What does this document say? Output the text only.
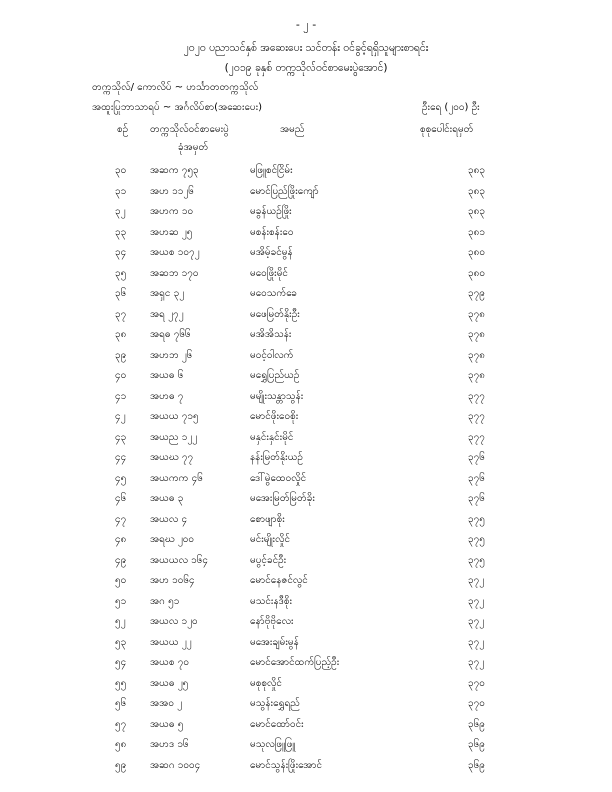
- ၂ -
၂၀၂၀ ပညာသင်နှစ် အဆေးပေး သင်တန်း ဝင်ခွင့်ရရှိသူများစာရင်း
(၂၀၁၉ ခုနှစ် တက္ကသိုလ်ဝင်စာမေးပွဲအောင်)
တက္ကသိုလ်/ ကောလိပ် ~ ဟင်္သာတတက္ကသိုလ်
အထူးပြုဘာသာရပ် ~ အင်္ဂလိပ်စာ(အဆေးပေး)	ဦးရေ (၂၀၀) ဦး
စဉ် တက္ကသိုလ်ဝင်စာမေးပွဲ
ခုံအမှတ်
အမည်	စုစုပေါင်းရမှတ်
၃၀ အဆက ၇၅၃	မဖြူစင်ငြိမ်း	၃၈၃
၃၁ အဟ ၁၁၂၆	မောင်ပြည်ဖြိုးကျော်	၃၈၃
၃၂ အဟက ၁၀	မခွန်ယဉ်ဖြိုး	၃၈၃
၃၃ အဟဆ ၂၅	မစန်းစန်းဝေ	၃၈၁
၃၄ အယစ ၁၀၇၂	မအိမ့်ခင်မွန်	၃၈၀
၃၅ အဆဘ ၁၇၀	မဝေဖြိုးမိုင်	၃၈၀
၃၆ အရှင ၃၂	မဝေသက်ခေ	၃၇၉
၃၇ အရ ၂၇၂	မဖေမြတ်နိုးဦး	၃၇၈
၃၈ အရဓ ၇၆၆	မအိအိသန်း	၃၇၈
၃၉ အဟဘ ၂၆	မဝင့်ဝါလက်	၃၇၈
၄၀ အယဓ ၆	မရွှေပြည်ယဉ်	၃၇၈
၄၁ အဟဓ ၇	မမျိုးသန္တာသွန်း	၃၇၇
၄၂ အယယ ၇၁၅	မောင်ဖိုးဝေစိုး	၃၇၇
၄၃ အယည ၁၂၂	မနှင်းနှင်းမိုင်	၃၇၇
၄၄ အယဃ ၇၇	နန်းမြတ်နိုးယဉ်	၃၇၆
၄၅ အယကက ၄၆	ဒေါ်မွဲထေဝလှိုင်	၃၇၆
၄၆ အယဓ ၃	မအေးမြတ်မြတ်ခိုး	၃၇၆
၄၇ အယလ ၄	စောဖျာစိုး	၃၇၅
၄၈ အရဃ ၂၀၀	မင်းမျိုးလှိုင်	၃၇၅
၄၉ အယယလ ၁၆၄	မပွင့်ခင်ဦး	၃၇၅
၅၀ အဟ ၁၀၆၄	မောင်နေဇင်လွင်	၃၇၂
၅၁ အဂ ၅၁	မသင်းနဒီစိုး	၃၇၂
၅၂ အယလ ၁၂၀	နော်ဗိုဗိုလေး	၃၇၂
၅၃ အယယ ၂၂	မအေးချမ်းမွန်	၃၇၂
၅၄ အယစ ၇၀	မောင်အောင်ထက်ပြည့်ဦး	၃၇၂
၅၅ အယဓ ၂၅	မစုစုလှိုင်	၃၇၀
၅၆ အအဝ ၂	မသွန်းရွှေရည်	၃၇၀
၅၇ အယဓ ၅	မောင်ထော်ဝင်း	၃၆၉
၅၈ အဟဒ ၁၆	မသုလဖြူဖြူ	၃၆၉
၅၉ အဆဂ ၁၀၀၄	မောင်သွန်းဖြိုးအောင်	၃၆၉
